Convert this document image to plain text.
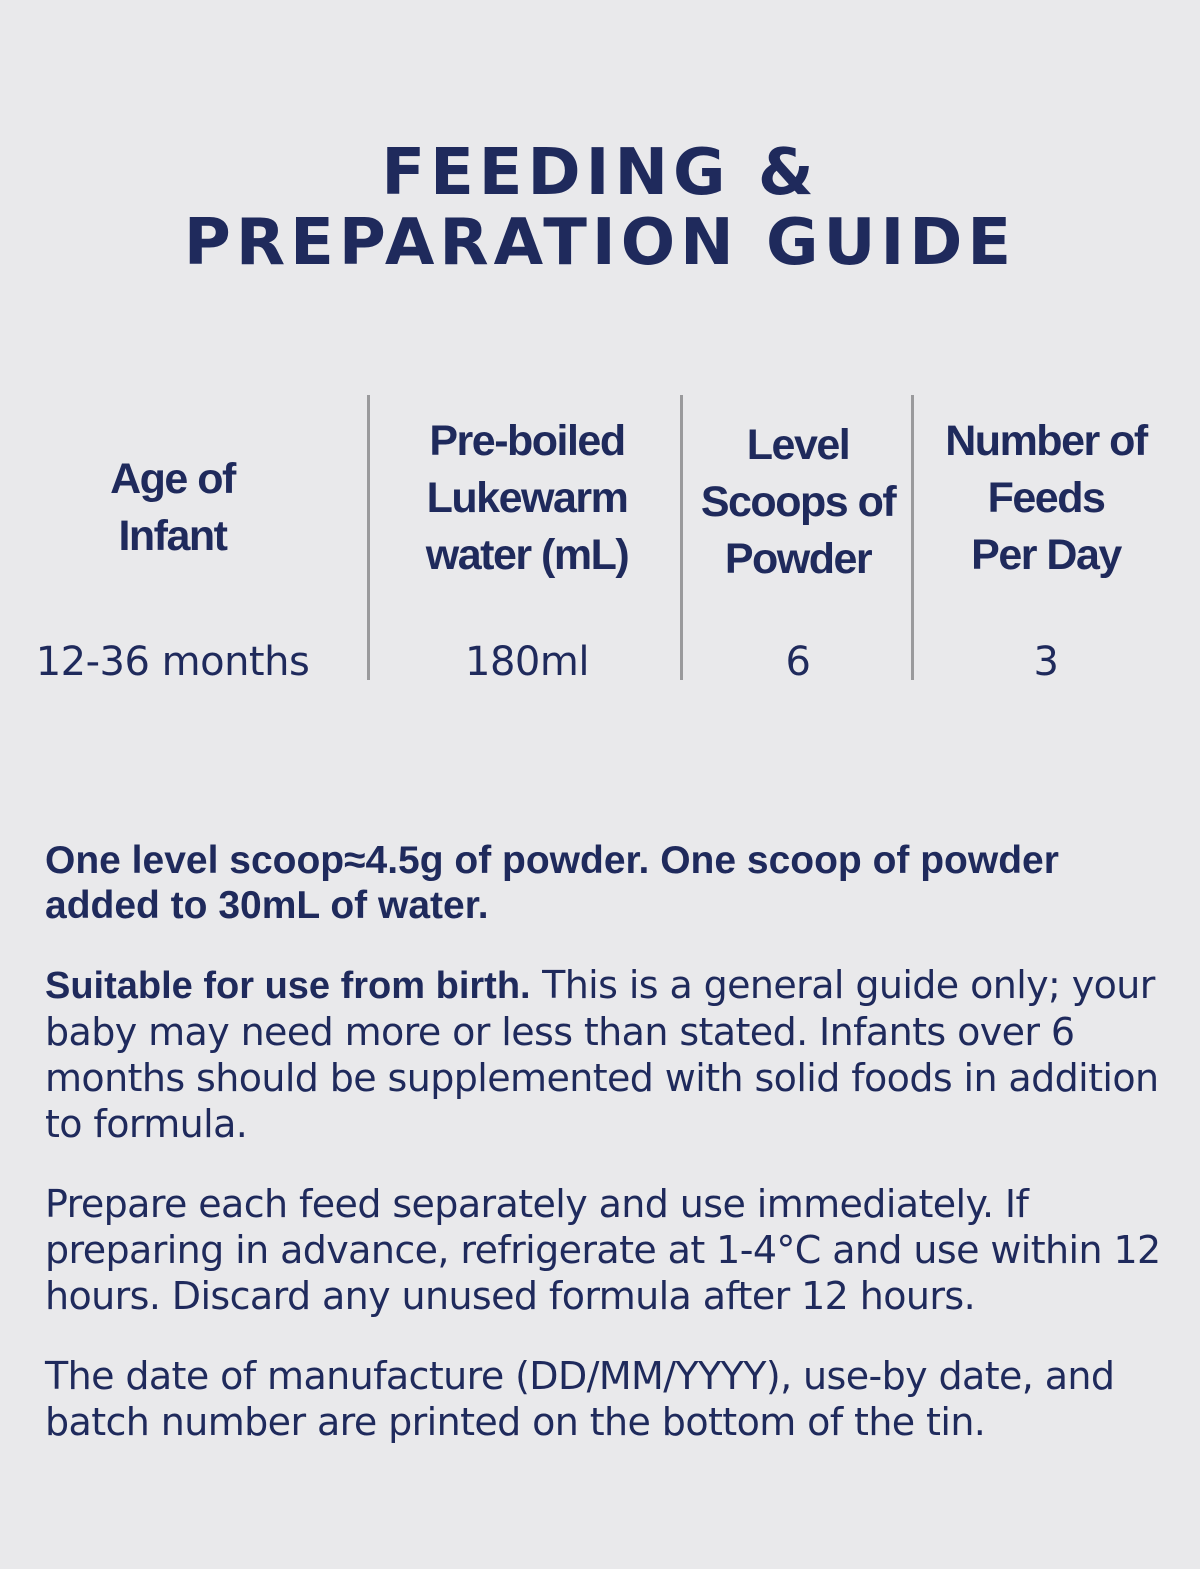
FEEDING &
PREPARATION GUIDE
Age of
Infant
12-36 months
Pre-boiled
Lukewarm
water (mL)
180ml
Level
Scoops of
Powder
6
Number of
Feeds
Per Day
3

One level scoop≈4.5g of powder. One scoop of powder added to 30mL of water.

Suitable for use from birth. This is a general guide only; your baby may need more or less than stated. Infants over 6 months should be supplemented with solid foods in addition to formula.

Prepare each feed separately and use immediately. If preparing in advance, refrigerate at 1-4°C and use within 12 hours. Discard any unused formula after 12 hours.

The date of manufacture (DD/MM/YYYY), use-by date, and batch number are printed on the bottom of the tin.
